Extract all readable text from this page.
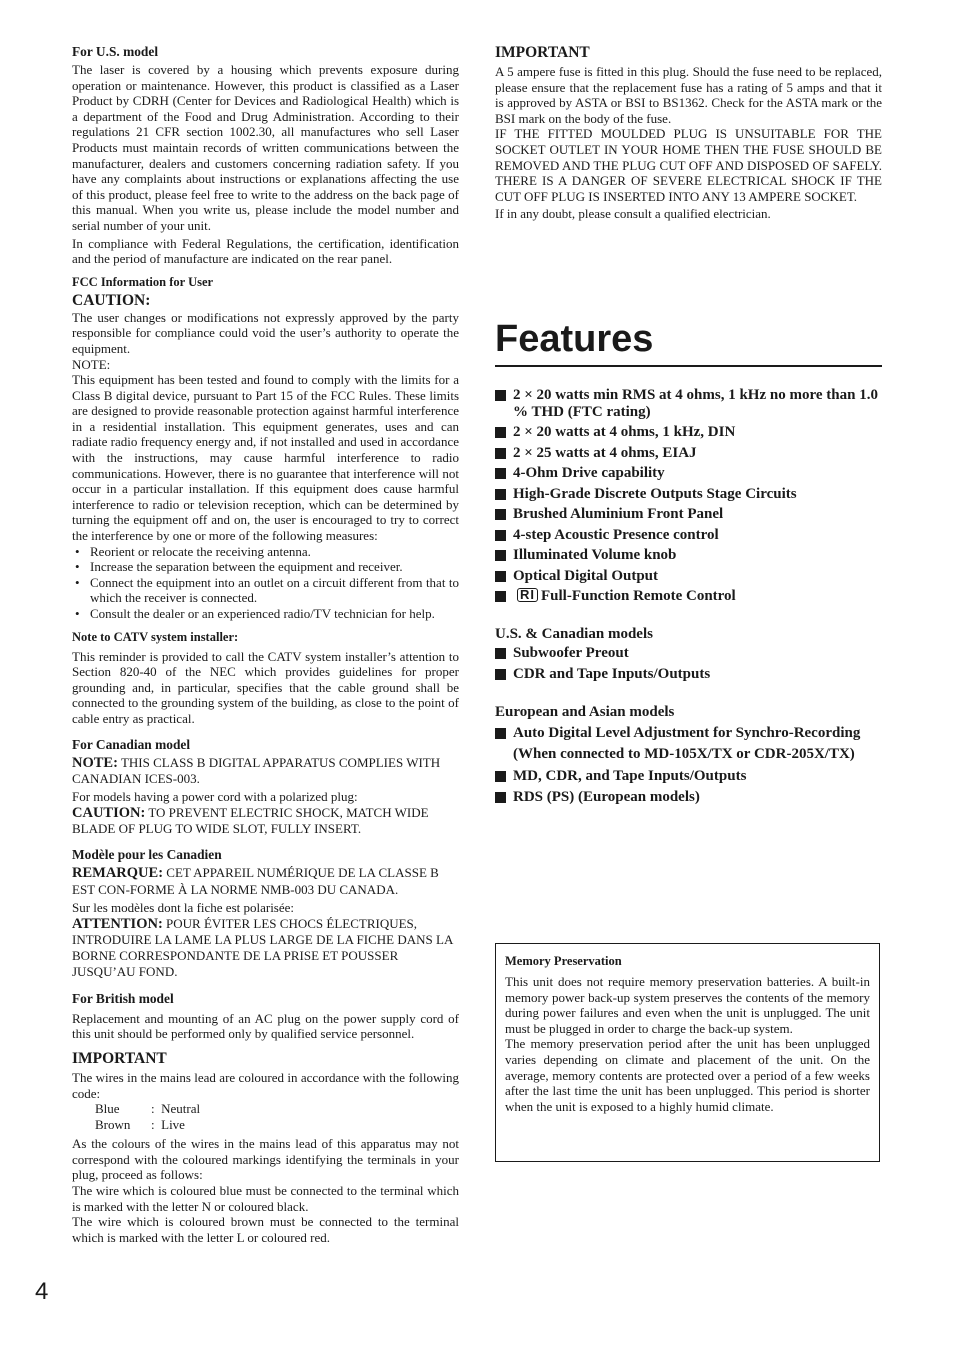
For U.S. model

The laser is covered by a housing which prevents exposure during operation or maintenance. However, this product is classified as a Laser Product by CDRH (Center for Devices and Radiological Health) which is a department of the Food and Drug Administration. According to their regulations 21 CFR section 1002.30, all manufactures who sell Laser Products must maintain records of written communications between the manufacturer, dealers and customers concerning radiation safety. If you have any complaints about instructions or explanations affecting the use of this product, please feel free to write to the address on the back page of this manual. When you write us, please include the model number and serial number of your unit.

In compliance with Federal Regulations, the certification, identification and the period of manufacture are indicated on the rear panel.

FCC Information for User
CAUTION:

The user changes or modifications not expressly approved by the party responsible for compliance could void the user’s authority to operate the equipment.

NOTE:

This equipment has been tested and found to comply with the limits for a Class B digital device, pursuant to Part 15 of the FCC Rules. These limits are designed to provide reasonable protection against harmful interference in a residential installation. This equipment generates, uses and can radiate radio frequency energy and, if not installed and used in accordance with the instructions, may cause harmful interference to radio communications. However, there is no guarantee that interference will not occur in a particular installation. If this equipment does cause harmful interference to radio or television reception, which can be determined by turning the equipment off and on, the user is encouraged to try to correct the interference by one or more of the following measures:

• Reorient or relocate the receiving antenna.
• Increase the separation between the equipment and receiver.
• Connect the equipment into an outlet on a circuit different from that to which the receiver is connected.
• Consult the dealer or an experienced radio/TV technician for help.
Note to CATV system installer:

This reminder is provided to call the CATV system installer’s attention to Section 820-40 of the NEC which provides guidelines for proper grounding and, in particular, specifies that the cable ground shall be connected to the grounding system of the building, as close to the point of cable entry as practical.

For Canadian model

NOTE: THIS CLASS B DIGITAL APPARATUS COMPLIES WITH CANADIAN ICES-003.

For models having a power cord with a polarized plug:

CAUTION: TO PREVENT ELECTRIC SHOCK, MATCH WIDE BLADE OF PLUG TO WIDE SLOT, FULLY INSERT.

Modèle pour les Canadien

REMARQUE: CET APPAREIL NUMÉRIQUE DE LA CLASSE B EST CON-FORME À LA NORME NMB-003 DU CANADA.

Sur les modèles dont la fiche est polarisée:

ATTENTION: POUR ÉVITER LES CHOCS ÉLECTRIQUES, INTRODUIRE LA LAME LA PLUS LARGE DE LA FICHE DANS LA BORNE CORRESPONDANTE DE LA PRISE ET POUSSER JUSQU’AU FOND.

For British model

Replacement and mounting of an AC plug on the power supply cord of this unit should be performed only by qualified service personnel.

IMPORTANT

The wires in the mains lead are coloured in accordance with the following code:

Blue : Neutral
Brown : Live

As the colours of the wires in the mains lead of this apparatus may not correspond with the coloured markings identifying the terminals in your plug, proceed as follows:

The wire which is coloured blue must be connected to the terminal which is marked with the letter N or coloured black.

The wire which is coloured brown must be connected to the terminal which is marked with the letter L or coloured red.

IMPORTANT

A 5 ampere fuse is fitted in this plug. Should the fuse need to be replaced, please ensure that the replacement fuse has a rating of 5 amps and that it is approved by ASTA or BSI to BS1362. Check for the ASTA mark or the BSI mark on the body of the fuse.

IF THE FITTED MOULDED PLUG IS UNSUITABLE FOR THE SOCKET OUTLET IN YOUR HOME THEN THE FUSE SHOULD BE REMOVED AND THE PLUG CUT OFF AND DISPOSED OF SAFELY. THERE IS A DANGER OF SEVERE ELECTRICAL SHOCK IF THE CUT OFF PLUG IS INSERTED INTO ANY 13 AMPERE SOCKET.

If in any doubt, please consult a qualified electrician.

Features
2 × 20 watts min RMS at 4 ohms, 1 kHz no more than 1.0 % THD (FTC rating)
2 × 20 watts at 4 ohms, 1 kHz, DIN
2 × 25 watts at 4 ohms, EIAJ
4-Ohm Drive capability
High-Grade Discrete Outputs Stage Circuits
Brushed Aluminium Front Panel
4-step Acoustic Presence control
Illuminated Volume knob
Optical Digital Output
RI Full-Function Remote Control
U.S. & Canadian models
Subwoofer Preout
CDR and Tape Inputs/Outputs
European and Asian models
Auto Digital Level Adjustment for Synchro-Recording (When connected to MD-105X/TX or CDR-205X/TX)
MD, CDR, and Tape Inputs/Outputs
RDS (PS) (European models)
Memory Preservation

This unit does not require memory preservation batteries. A built-in memory power back-up system preserves the contents of the memory during power failures and even when the unit is unplugged. The unit must be plugged in order to charge the back-up system.

The memory preservation period after the unit has been unplugged varies depending on climate and placement of the unit. On the average, memory contents are protected over a period of a few weeks after the last time the unit has been unplugged. This period is shorter when the unit is exposed to a highly humid climate.

4
